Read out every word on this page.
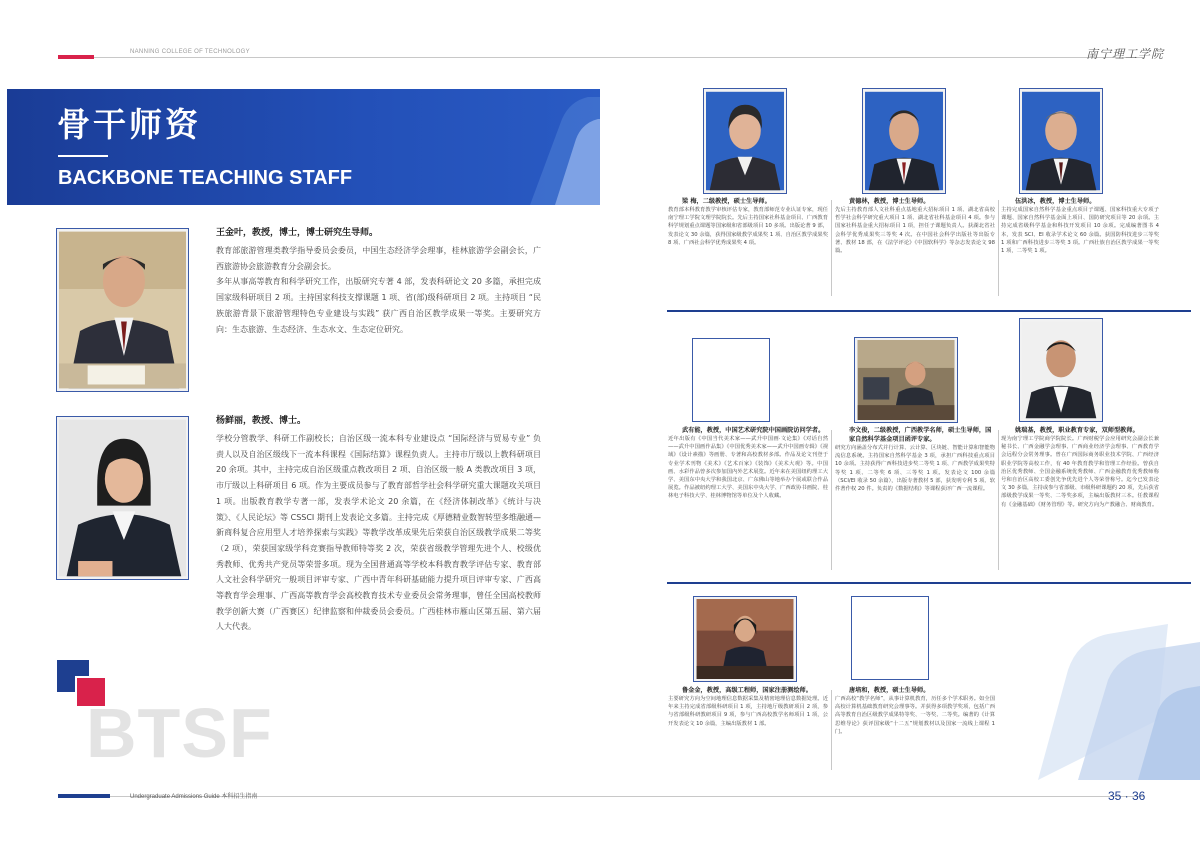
NANNING COLLEGE OF TECHNOLOGY	南宁理工学院
骨干师资
BACKBONE TEACHING STAFF
王金叶，教授，博士，博士研究生导师。
教育部旅游管理类教学指导委员会委员，中国生态经济学会理事，桂林旅游学会副会长，广西旅游协会旅游教育分会副会长。
多年从事高等教育和科学研究工作，出版研究专著 4 部，发表科研论文 20 多篇，承担完成国家级科研项目 2 项。主持国家科技支撑课题 1 项、省(部)级科研项目 2 项。主持项目 “民族旅游背景下旅游管理特色专业建设与实践” 获广西自治区教学成果一等奖。主要研究方向：生态旅游、生态经济、生态水文、生态定位研究。
杨鲜丽，教授、博士。
学校分管教学、科研工作副校长；自治区级一流本科专业建设点 “国际经济与贸易专业” 负责人以及自治区级线下一流本科课程《国际结算》课程负责人。主持市厅级以上教科研项目 20 余项。其中，主持完成自治区级重点教改项目 2 项、自治区级一般 A 类教改项目 3 项，市厅级以上科研项目 6 项。作为主要成员参与了教育部哲学社会科学研究重大课题攻关项目 1 项。出版教育教学专著一部，发表学术论文 20 余篇，在《经济体制改革》《统计与决策》、《人民论坛》等 CSSCI 期刊上发表论文多篇。主持完成《厚德精业数智转型多维融通—新商科复合应用型人才培养探索与实践》等教学改革成果先后荣获自治区级教学成果二等奖（2 项），荣获国家级学科竞赛指导教师特等奖 2 次，荣获省级教学管理先进个人、校级优秀教师、优秀共产党员等荣誉多项。现为全国普通高等学校本科教育教学评估专家、教育部人文社会科学研究一般项目评审专家、广西中青年科研基础能力提升项目评审专家、广西高等教育学会理事、广西高等教育学会高校教育技术专业委员会常务理事，曾任全国高校教师教学创新大赛（广西赛区）纪律监察和仲裁委员会委员。广西桂林市雁山区第五届、第六届人大代表。
BTSF
梁 梅，二级教授，硕士生导师。
教育部本科教育教学审核评估专家，教育部师范专业认证专家，现任南宁理工学院文理学院院长。先后主持国家社科基金项目、广西教育科学规划重点课题等国家级和省部级项目 10 多项。出版论著 9 部，发表论文 30 余篇，获得国家级教学成果奖 1 项、自治区教学成果奖 8 项、广西社会科学优秀成果奖 4 项。
黄德林，教授，博士生导师。
先后主持教育部人文社科重点基地重大招标项目 1 项、湖北省高校哲学社会科学研究重大项目 1 项、湖北省社科基金项目 4 项。参与国家社科基金重大招标项目 1 项，担任子课题负责人。获湖北省社会科学优秀成果奖三等奖 4 次。在中国社会科学出版社等出版专著、教材 18 部，在《法学评论》《中国软科学》等杂志发表论文 98 篇。
伍洪冰，教授，博士生导师。
主持完成国家自然科学基金重点项目子课题、国家科技重大专项子课题、国家自然科学基金面上项目、国防研究项目等 20 余项。主持完成省级科学基金和科技开发项目 10 余项。完成编著图书 4 本，发表 SCI、EI 收录学术论文 60 余篇。获国防科技进步三等奖 1 项和广西科技进步三等奖 3 项。广西壮族自治区教学成果一等奖 1 项，二等奖 1 项。
武有能，教授，中国艺术研究院中国画院访问学者。
近年出版有《中国当代美术家——武升中国画·文论集》《对话自然——武升中国画作品集》《中国优秀美术家——武升中国画专辑》《视域》《设计素描》等画册、专著和高校教材多部。作品及论文刊登于专业学术刊物《美术》《艺术百家》《装饰》《美术大观》等。中国画、水彩作品曾多次参加国内外艺术展览。近年来在美国纽约理工大学、美国东中央大学和我国北京、广东佛山等地举办个展或联合作品展览。作品被纽约理工大学、美国东中央大学、广西政协书画院、桂林电子科技大学、桂林博物馆等单位及个人收藏。
李文俊，二级教授，广西教学名师，硕士生导师，国家自然科学基金项目函评专家。
研究方向涵盖分布式并行计算、云计算、区块链、智能计算和智能物流信息系统。主持国家自然科学基金 3 项，承担广西科技重点项目 10 余项。主持获得广西科技进步奖二等奖 1 项、广西教学成果奖特等奖 1 项、二等奖 6 项、三等奖 1 项。发表论文 100 余篇（SCI/EI 收录 50 余篇），出版专著教材 5 部，获发明专利 5 项、软件著作权 20 件。负责的《数据结构》等课程获评广西一流课程。
姚瑞基，教授，职业教育专家，双师型教师。
现为南宁理工学院商学院院长。广西财税学会应用研究会副会长兼秘书长、广西金融学会理事、广西商业经济学会理事、广西教育学会远程分会常务理事。曾在广西国际商务职业技术学院、广西经济职业学院等高校工作，有 40 年教育教学和管理工作经验。曾获自治区优秀教师、全国金融系统优秀教师、广西金融教育优秀教师称号和自治区高校工委创先争优先进个人等荣誉称号。迄今已发表论文 30 多篇，主持或参与省部级、市级科研课题约 20 项，先后获省部级教学成果一等奖、二等奖多项，主编出版教材三本。任教课程有《金融基础》《财务管理》等。研究方向为产教融合、财商教育。
鲁金金，教授，高级工程师，国家注册测绘师。
主要研究方向为空间地理信息数据采集及精密地理信息数据处理。近年来主持完成省部级科研项目 1 项，主持地厅级教研项目 2 项，参与省部级科研教研项目 9 项，参与广西高校教学名师项目 1 项，公开发表论文 10 余篇，主编出版教材 1 部。
唐培和，教授，硕士生导师。
广西高校“教学名师”，从事计算机教育，历任多个学术职务。如全国高校计算机基础教育研究会理事等。并获得多项教学奖项，包括广西高等教育自治区级教学成果特等奖、一等奖、二等奖。编著的《计算思维导论》获评国家级“十二五”规划教材以及国家一流线上课程 1 门。
Undergraduate Admissions Guide 本科招生指南	35 · 36
